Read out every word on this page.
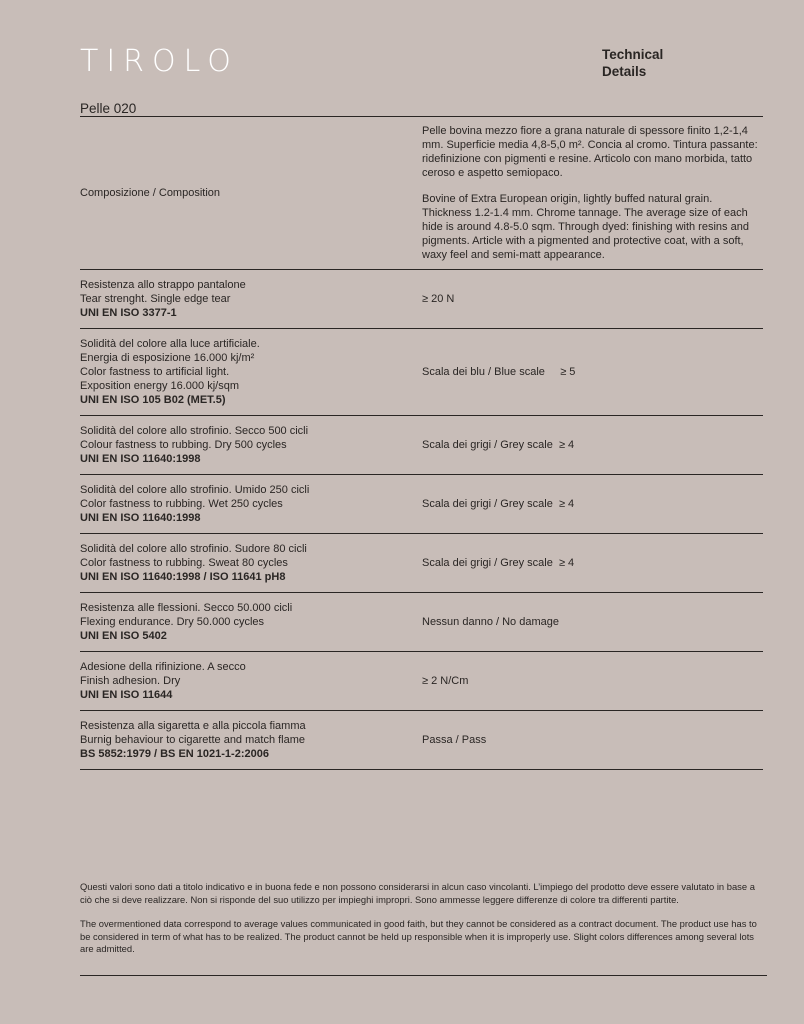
TIROLO	Technical
Details
Pelle 020
Composizione / Composition	Pelle bovina mezzo fiore a grana naturale di spessore finito 1,2-1,4 mm. Superficie media 4,8-5,0 m². Concia al cromo. Tintura passante: ridefinizione con pigmenti e resine. Articolo con mano morbida, tatto ceroso e aspetto semiopaco.

Bovine of Extra European origin, lightly buffed natural grain. Thickness 1.2-1.4 mm. Chrome tannage. The average size of each hide is around 4.8-5.0 sqm. Through dyed: finishing with resins and pigments. Article with a pigmented and protective coat, with a soft, waxy feel and semi-matt appearance.

Resistenza allo strappo pantalone
Tear strenght. Single edge tear
UNI EN ISO 3377-1	≥ 20 N

Solidità del colore alla luce artificiale.
Energia di esposizione 16.000 kj/m²
Color fastness to artificial light.
Exposition energy 16.000 kj/sqm
UNI EN ISO 105 B02 (MET.5)	Scala dei blu / Blue scale     ≥ 5

Solidità del colore allo strofinio. Secco 500 cicli
Colour fastness to rubbing. Dry 500 cycles
UNI EN ISO 11640:1998	Scala dei grigi / Grey scale  ≥ 4

Solidità del colore allo strofinio. Umido 250 cicli
Color fastness to rubbing. Wet 250 cycles
UNI EN ISO 11640:1998	Scala dei grigi / Grey scale  ≥ 4

Solidità del colore allo strofinio. Sudore 80 cicli
Color fastness to rubbing. Sweat 80 cycles
UNI EN ISO 11640:1998 / ISO 11641 pH8	Scala dei grigi / Grey scale  ≥ 4

Resistenza alle flessioni. Secco 50.000 cicli
Flexing endurance. Dry 50.000 cycles
UNI EN ISO 5402	Nessun danno / No damage

Adesione della rifinizione. A secco
Finish adhesion. Dry
UNI EN ISO 11644	≥ 2 N/Cm

Resistenza alla sigaretta e alla piccola fiamma
Burnig behaviour to cigarette and match flame
BS 5852:1979 / BS EN 1021-1-2:2006	Passa / Pass

Questi valori sono dati a titolo indicativo e in buona fede e non possono considerarsi in alcun caso vincolanti. L’impiego del prodotto deve essere valutato in base a ciò che si deve realizzare. Non si risponde del suo utilizzo per impieghi impropri. Sono ammesse leggere differenze di colore tra differenti partite.

The overmentioned data correspond to average values communicated in good faith, but they cannot be considered as a contract document. The product use has to be considered in term of what has to be realized. The product cannot be held up responsible when it is improperly use. Slight colors differences among several lots are admitted.
